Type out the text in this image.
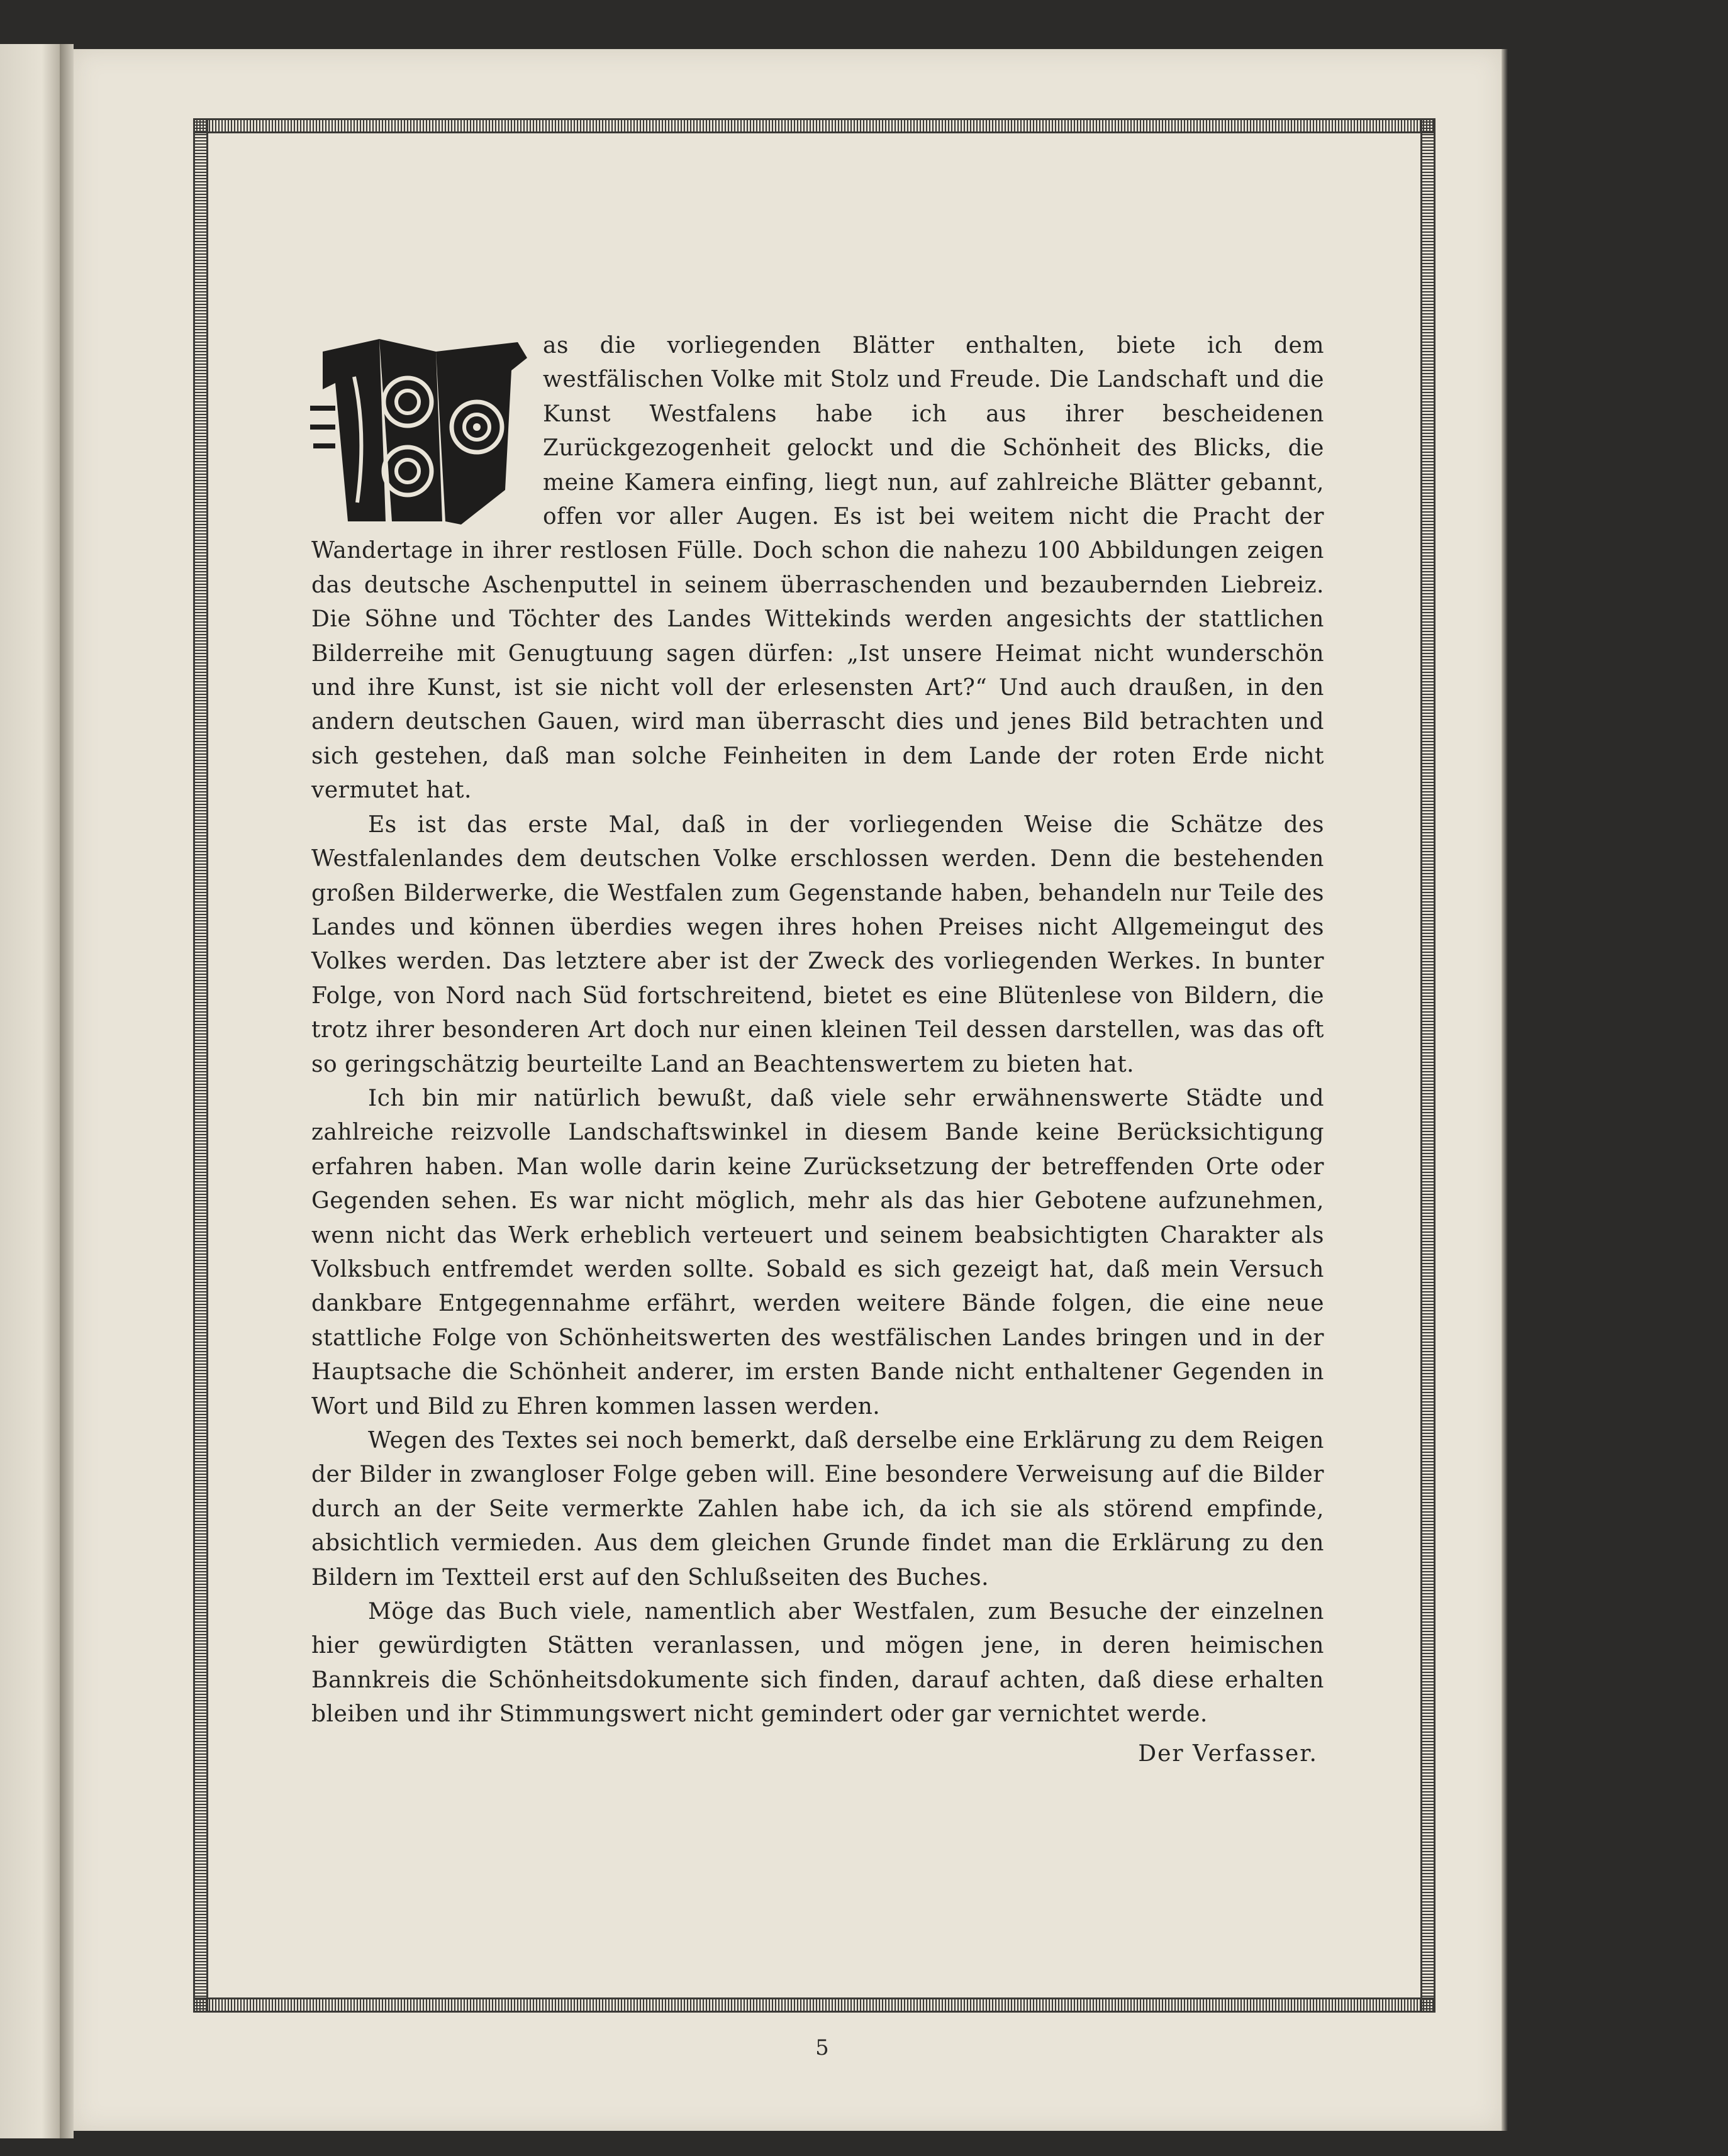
as die vorliegenden Blätter enthalten, biete ich dem westfälischen Volke mit Stolz und Freude. Die Landschaft und die Kunst Westfalens habe ich aus ihrer bescheidenen Zurückgezogenheit gelockt und die Schönheit des Blicks, die meine Kamera einfing, liegt nun, auf zahlreiche Blätter gebannt, offen vor aller Augen. Es ist bei weitem nicht die Pracht der Wandertage in ihrer restlosen Fülle. Doch schon die nahezu 100 Abbildungen zeigen das deutsche Aschenputtel in seinem überraschenden und bezaubernden Liebreiz. Die Söhne und Töchter des Landes Wittekinds werden angesichts der stattlichen Bilderreihe mit Genugtuung sagen dürfen: „Ist unsere Heimat nicht wunderschön und ihre Kunst, ist sie nicht voll der erlesensten Art?“ Und auch draußen, in den andern deutschen Gauen, wird man überrascht dies und jenes Bild betrachten und sich gestehen, daß man solche Feinheiten in dem Lande der roten Erde nicht vermutet hat.

Es ist das erste Mal, daß in der vorliegenden Weise die Schätze des Westfalenlandes dem deutschen Volke erschlossen werden. Denn die bestehenden großen Bilderwerke, die Westfalen zum Gegenstande haben, behandeln nur Teile des Landes und können überdies wegen ihres hohen Preises nicht Allgemeingut des Volkes werden. Das letztere aber ist der Zweck des vorliegenden Werkes. In bunter Folge, von Nord nach Süd fortschreitend, bietet es eine Blütenlese von Bildern, die trotz ihrer besonderen Art doch nur einen kleinen Teil dessen darstellen, was das oft so geringschätzig beurteilte Land an Beachtenswertem zu bieten hat.

Ich bin mir natürlich bewußt, daß viele sehr erwähnenswerte Städte und zahlreiche reizvolle Landschaftswinkel in diesem Bande keine Berücksichtigung erfahren haben. Man wolle darin keine Zurücksetzung der betreffenden Orte oder Gegenden sehen. Es war nicht möglich, mehr als das hier Gebotene aufzunehmen, wenn nicht das Werk erheblich verteuert und seinem beabsichtigten Charakter als Volksbuch entfremdet werden sollte. Sobald es sich gezeigt hat, daß mein Versuch dankbare Entgegennahme erfährt, werden weitere Bände folgen, die eine neue stattliche Folge von Schönheitswerten des westfälischen Landes bringen und in der Hauptsache die Schönheit anderer, im ersten Bande nicht enthaltener Gegenden in Wort und Bild zu Ehren kommen lassen werden.

Wegen des Textes sei noch bemerkt, daß derselbe eine Erklärung zu dem Reigen der Bilder in zwangloser Folge geben will. Eine besondere Verweisung auf die Bilder durch an der Seite vermerkte Zahlen habe ich, da ich sie als störend empfinde, absichtlich vermieden. Aus dem gleichen Grunde findet man die Erklärung zu den Bildern im Textteil erst auf den Schlußseiten des Buches.

Möge das Buch viele, namentlich aber Westfalen, zum Besuche der einzelnen hier gewürdigten Stätten veranlassen, und mögen jene, in deren heimischen Bannkreis die Schönheitsdokumente sich finden, darauf achten, daß diese erhalten bleiben und ihr Stimmungswert nicht gemindert oder gar vernichtet werde.

Der Verfasser.
5
